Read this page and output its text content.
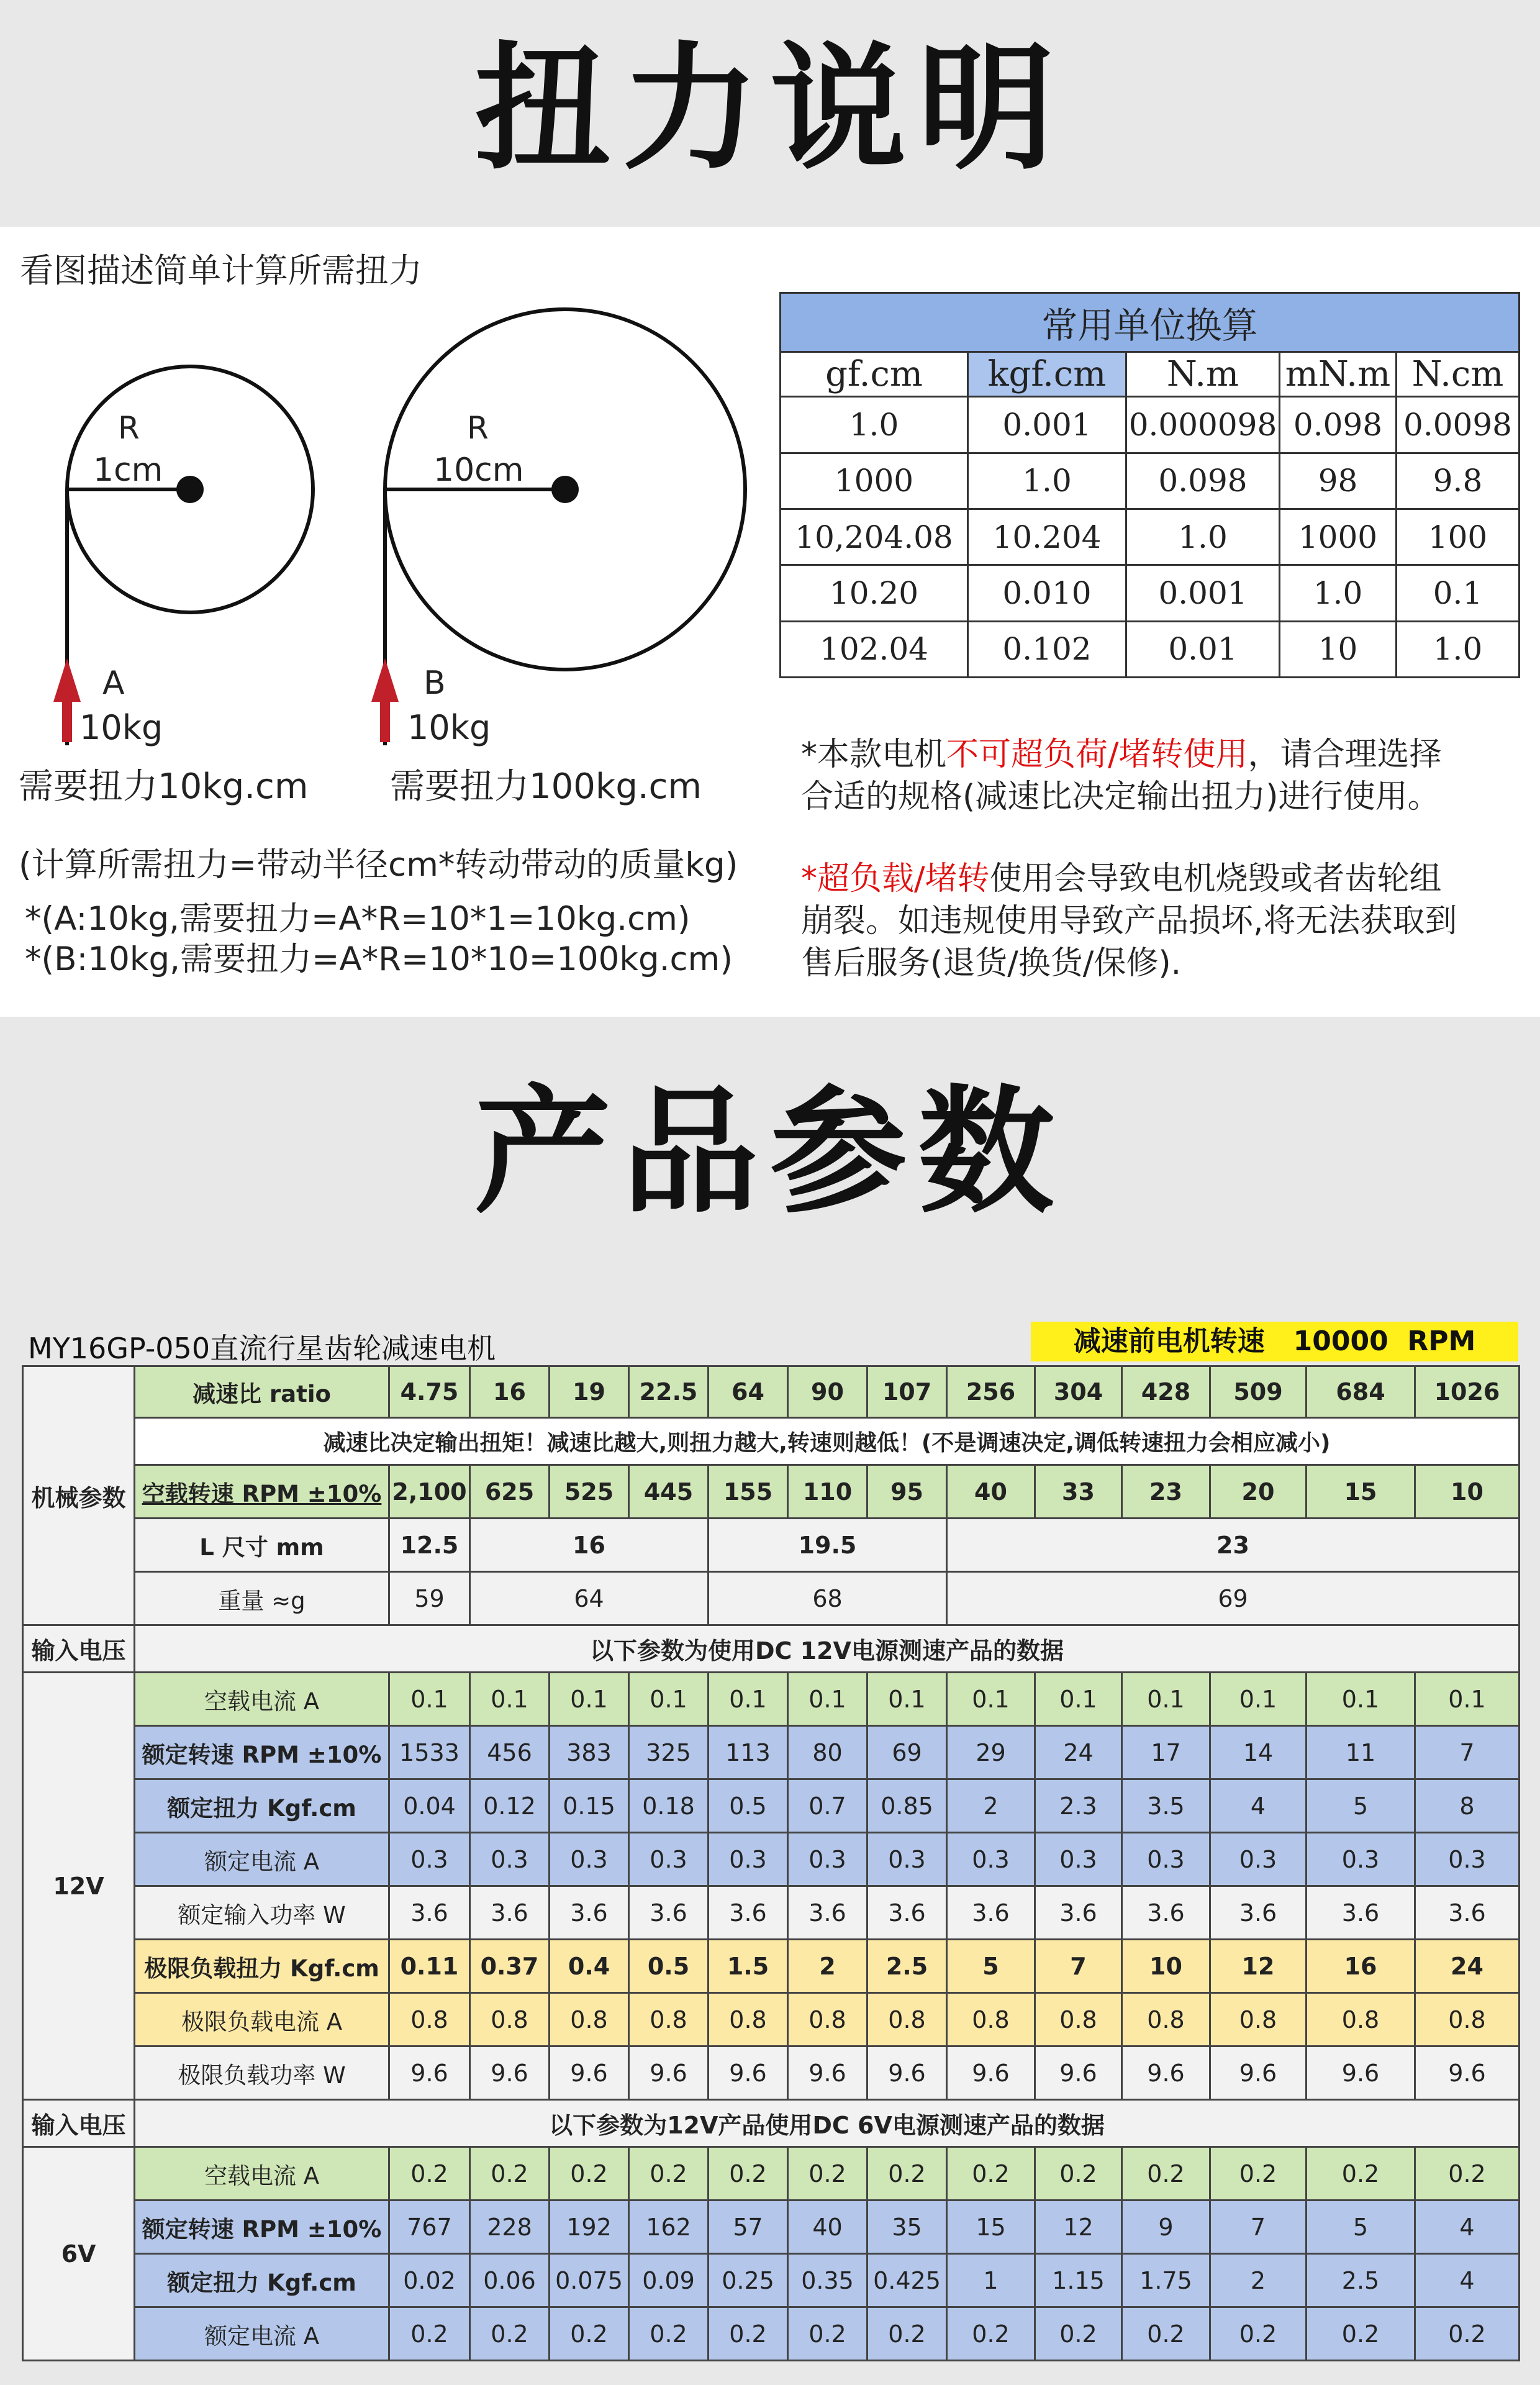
扭力说明
看图描述简单计算所需扭力
R
1cm
A
10kg
需要扭力10kg.cm
R
10cm
B
10kg
需要扭力100kg.cm
(计算所需扭力=带动半径cm*转动带动的质量kg)
*(A:10kg,需要扭力=A*R=10*1=10kg.cm)
*(B:10kg,需要扭力=A*R=10*10=100kg.cm)
常用单位换算				
gf.cm	kgf.cm	N.m	mN.m	N.cm
1.0	0.001	0.000098	0.098	0.0098
1000	1.0	0.098	98	9.8
10,204.08	10.204	1.0	1000	100
10.20	0.010	0.001	1.0	0.1
102.04	0.102	0.01	10	1.0
*本款电机不可超负荷/堵转使用，请合理选择
合适的规格(减速比决定输出扭力)进行使用。
*超负载/堵转使用会导致电机烧毁或者齿轮组
崩裂。如违规使用导致产品损坏,将无法获取到
售后服务(退货/换货/保修).
产品参数
MY16GP-050直流行星齿轮减速电机	减速前电机转速   10000  RPM
机械参数	减速比 ratio	4.75	16	19	22.5	64	90	107	256	304	428	509	684	1026
	减速比决定输出扭矩！减速比越大,则扭力越大,转速则越低！(不是调速决定,调低转速扭力会相应减小)													
	空载转速 RPM ±10%	2,100	625	525	445	155	110	95	40	33	23	20	15	10
	L 尺寸 mm	12.5	16			19.5			23					
	重量 ≈g	59	64			68			69					
输入电压	以下参数为使用DC 12V电源测速产品的数据													
12V	空载电流 A	0.1	0.1	0.1	0.1	0.1	0.1	0.1	0.1	0.1	0.1	0.1	0.1	0.1
	额定转速 RPM ±10%	1533	456	383	325	113	80	69	29	24	17	14	11	7
	额定扭力 Kgf.cm	0.04	0.12	0.15	0.18	0.5	0.7	0.85	2	2.3	3.5	4	5	8
	额定电流 A	0.3	0.3	0.3	0.3	0.3	0.3	0.3	0.3	0.3	0.3	0.3	0.3	0.3
	额定输入功率 W	3.6	3.6	3.6	3.6	3.6	3.6	3.6	3.6	3.6	3.6	3.6	3.6	3.6
	极限负载扭力 Kgf.cm	0.11	0.37	0.4	0.5	1.5	2	2.5	5	7	10	12	16	24
	极限负载电流 A	0.8	0.8	0.8	0.8	0.8	0.8	0.8	0.8	0.8	0.8	0.8	0.8	0.8
	极限负载功率 W	9.6	9.6	9.6	9.6	9.6	9.6	9.6	9.6	9.6	9.6	9.6	9.6	9.6
输入电压	以下参数为12V产品使用DC 6V电源测速产品的数据													
6V	空载电流 A	0.2	0.2	0.2	0.2	0.2	0.2	0.2	0.2	0.2	0.2	0.2	0.2	0.2
	额定转速 RPM ±10%	767	228	192	162	57	40	35	15	12	9	7	5	4
	额定扭力 Kgf.cm	0.02	0.06	0.075	0.09	0.25	0.35	0.425	1	1.15	1.75	2	2.5	4
	额定电流 A	0.2	0.2	0.2	0.2	0.2	0.2	0.2	0.2	0.2	0.2	0.2	0.2	0.2
